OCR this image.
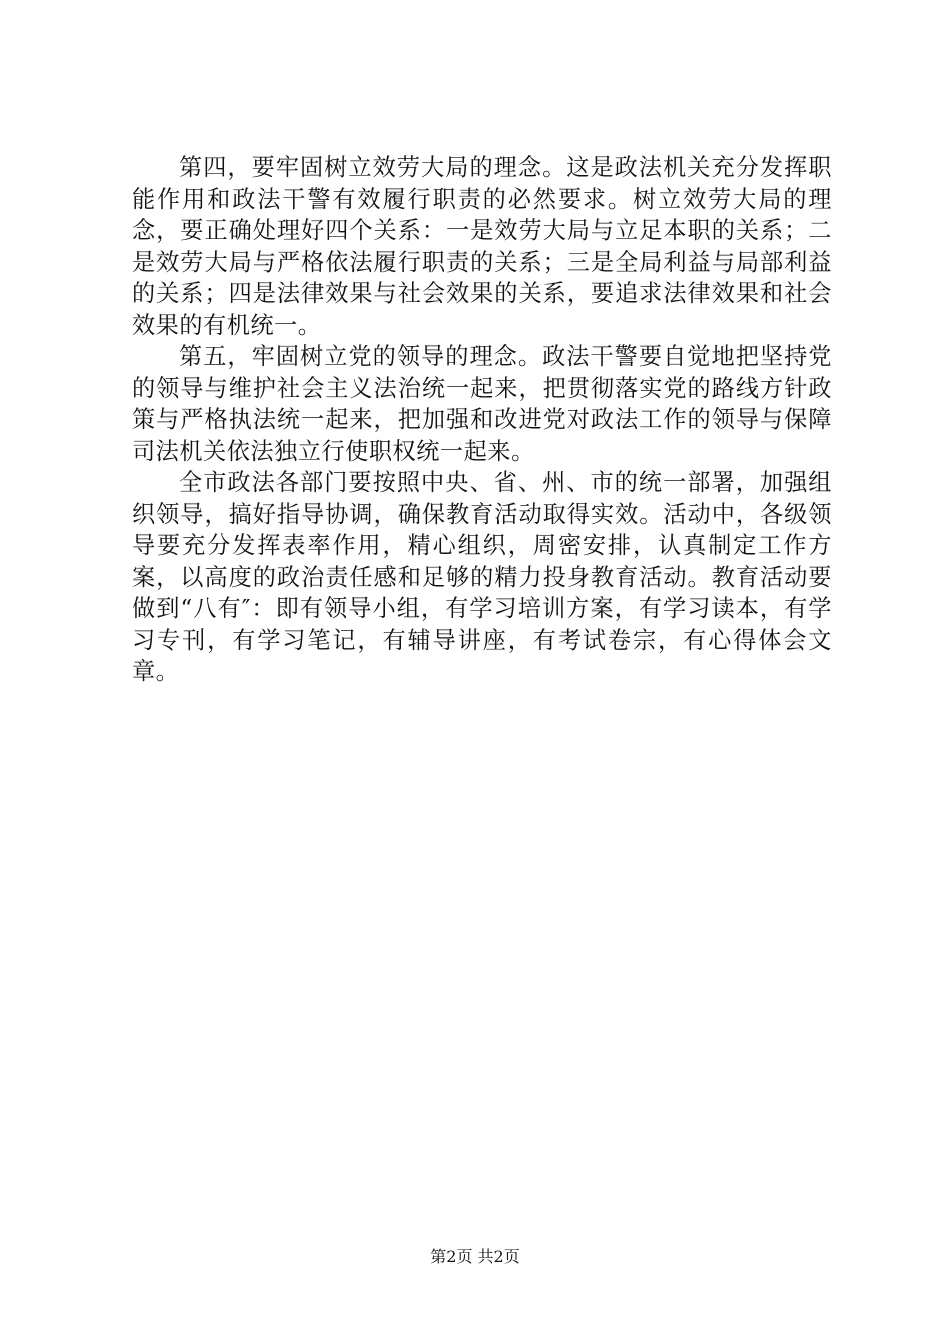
第四，要牢固树立效劳大局的理念。这是政法机关充分发挥职能作用和政法干警有效履行职责的必然要求。树立效劳大局的理念，要正确处理好四个关系：一是效劳大局与立足本职的关系；二是效劳大局与严格依法履行职责的关系；三是全局利益与局部利益的关系；四是法律效果与社会效果的关系，要追求法律效果和社会效果的有机统一。

第五，牢固树立党的领导的理念。政法干警要自觉地把坚持党的领导与维护社会主义法治统一起来，把贯彻落实党的路线方针政策与严格执法统一起来，把加强和改进党对政法工作的领导与保障司法机关依法独立行使职权统一起来。

全市政法各部门要按照中央、省、州、市的统一部署，加强组织领导，搞好指导协调，确保教育活动取得实效。活动中，各级领导要充分发挥表率作用，精心组织，周密安排，认真制定工作方案，以高度的政治责任感和足够的精力投身教育活动。教育活动要做到“八有″：即有领导小组，有学习培训方案，有学习读本，有学习专刊，有学习笔记，有辅导讲座，有考试卷宗，有心得体会文章。

第2页 共2页
